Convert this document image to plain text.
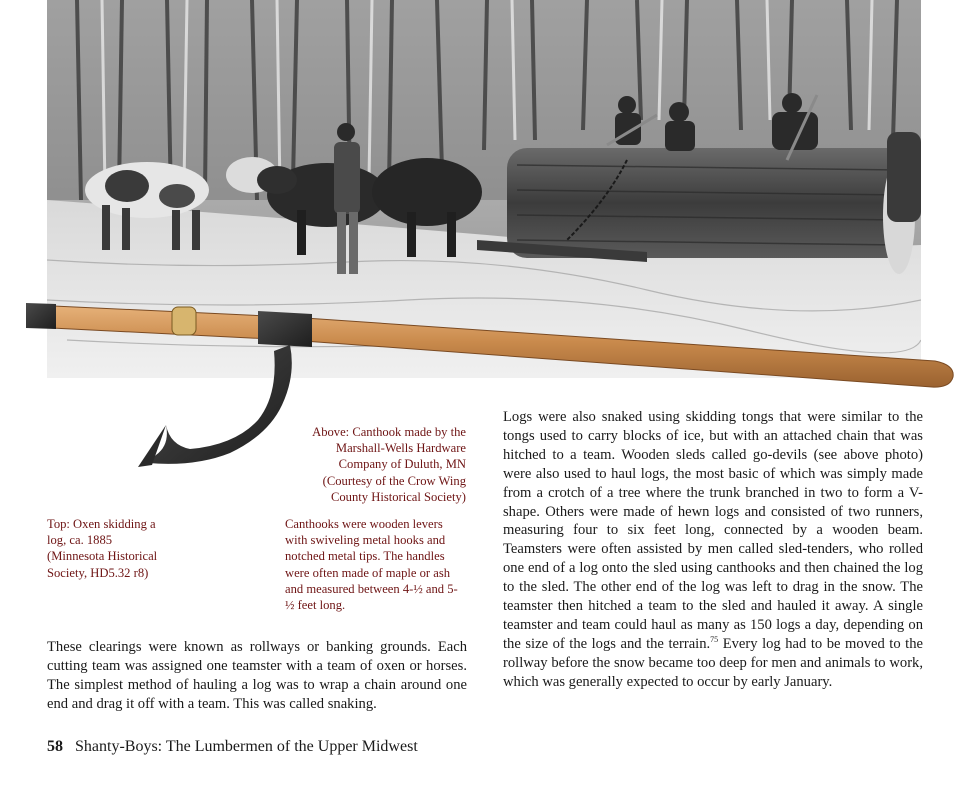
Above: Canthook made by the Marshall-Wells Hardware Company of Duluth, MN (Courtesy of the Crow Wing County Historical Society)
Top: Oxen skidding a log, ca. 1885 (Minnesota Historical Society, HD5.32 r8)
Canthooks were wooden levers with swiveling metal hooks and notched metal tips. The handles were often made of maple or ash and measured between 4-½ and 5-½ feet long.

These clearings were known as rollways or banking grounds. Each cutting team was assigned one teamster with a team of oxen or horses. The simplest method of hauling a log was to wrap a chain around one end and drag it off with a team. This was called snaking.

Logs were also snaked using skidding tongs that were similar to the tongs used to carry blocks of ice, but with an attached chain that was hitched to a team. Wooden sleds called go-devils (see above photo) were also used to haul logs, the most basic of which was simply made from a crotch of a tree where the trunk branched in two to form a V-shape. Others were made of hewn logs and consisted of two runners, measuring four to six feet long, connected by a wooden beam. Teamsters were often assisted by men called sled-tenders, who rolled one end of a log onto the sled using canthooks and then chained the log to the sled. The other end of the log was left to drag in the snow. The teamster then hitched a team to the sled and hauled it away. A single teamster and team could haul as many as 150 logs a day, depending on the size of the logs and the terrain.$^{75}$ Every log had to be moved to the rollway before the snow became too deep for men and animals to work, which was generally expected to occur by early January.

58 Shanty-Boys: The Lumbermen of the Upper Midwest
